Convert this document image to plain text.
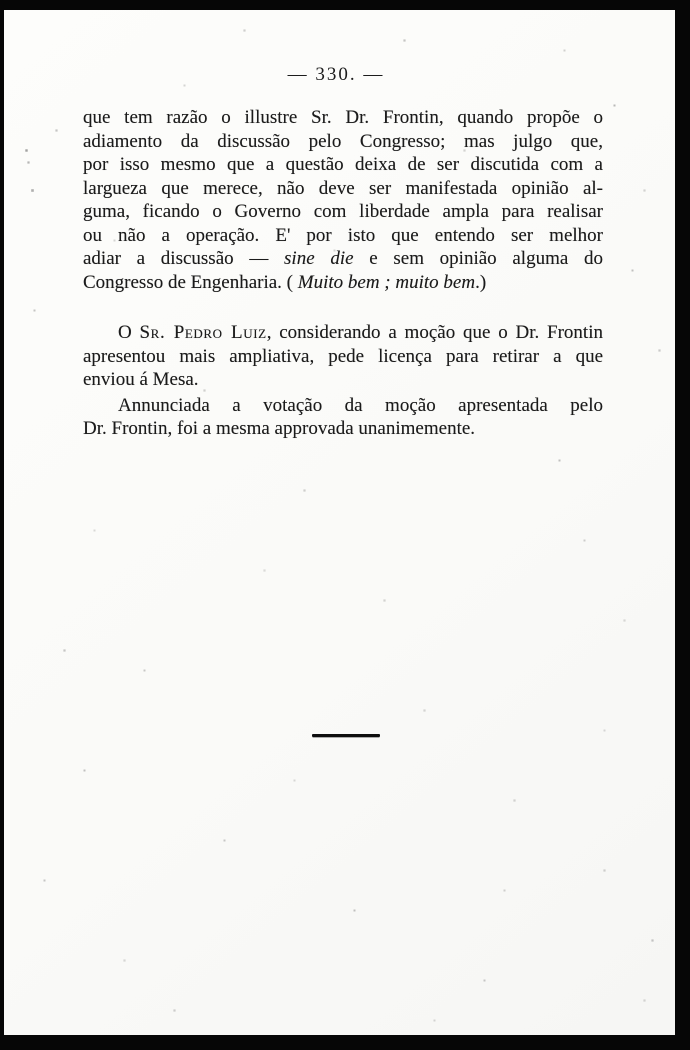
— 330. —
que tem razão o illustre Sr. Dr. Frontin, quando propõe o
adiamento da discussão pelo Congresso; mas julgo que,
por isso mesmo que a questão deixa de ser discutida com a
largueza que merece, não deve ser manifestada opinião al-
guma, ficando o Governo com liberdade ampla para realisar
ou não a operação. E' por isto que entendo ser melhor
adiar a discussão — sine die e sem opinião alguma do
Congresso de Engenharia. ( Muito bem ; muito bem.)
O Sr. Pedro Luiz, considerando a moção que o Dr. Frontin
apresentou mais ampliativa, pede licença para retirar a que
enviou á Mesa.
Annunciada a votação da moção apresentada pelo
Dr. Frontin, foi a mesma approvada unanimemente.
